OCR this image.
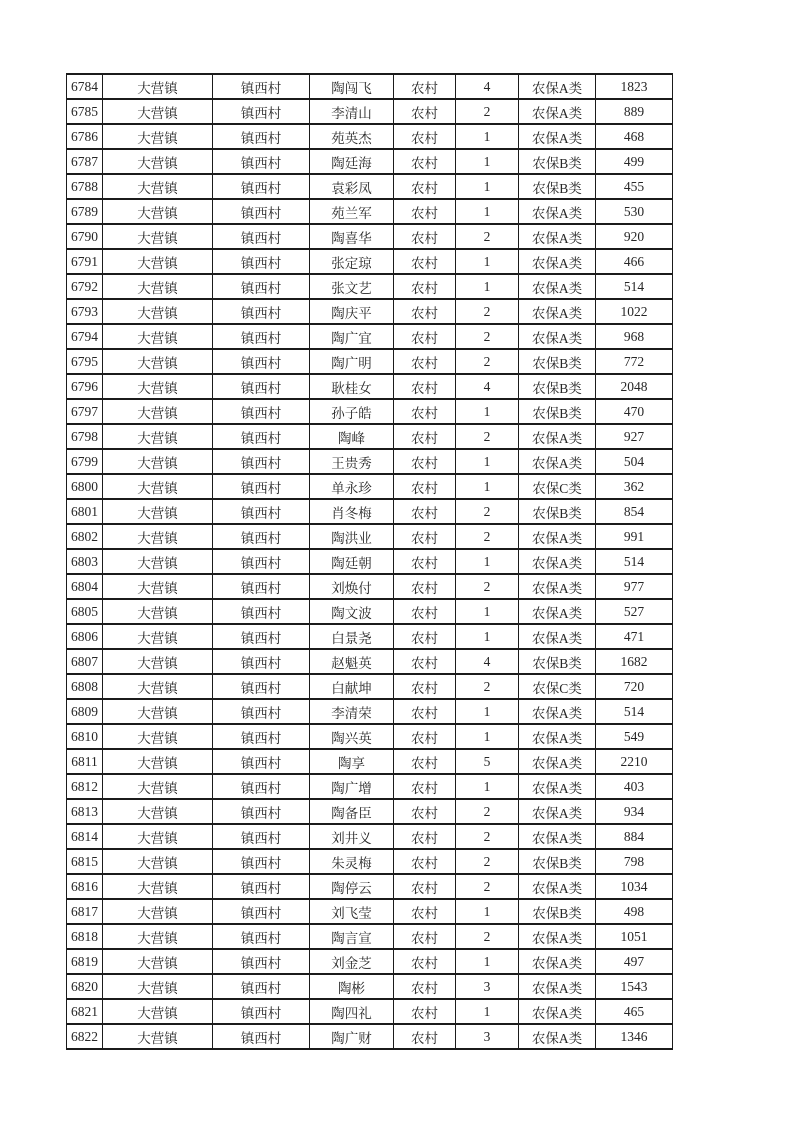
6784	大营镇	镇西村	陶闯飞	农村	4	农保A类	1823
6785	大营镇	镇西村	李清山	农村	2	农保A类	889
6786	大营镇	镇西村	苑英杰	农村	1	农保A类	468
6787	大营镇	镇西村	陶廷海	农村	1	农保B类	499
6788	大营镇	镇西村	袁彩凤	农村	1	农保B类	455
6789	大营镇	镇西村	苑兰军	农村	1	农保A类	530
6790	大营镇	镇西村	陶喜华	农村	2	农保A类	920
6791	大营镇	镇西村	张定琼	农村	1	农保A类	466
6792	大营镇	镇西村	张文艺	农村	1	农保A类	514
6793	大营镇	镇西村	陶庆平	农村	2	农保A类	1022
6794	大营镇	镇西村	陶广宜	农村	2	农保A类	968
6795	大营镇	镇西村	陶广明	农村	2	农保B类	772
6796	大营镇	镇西村	耿桂女	农村	4	农保B类	2048
6797	大营镇	镇西村	孙子皓	农村	1	农保B类	470
6798	大营镇	镇西村	陶峰	农村	2	农保A类	927
6799	大营镇	镇西村	王贵秀	农村	1	农保A类	504
6800	大营镇	镇西村	单永珍	农村	1	农保C类	362
6801	大营镇	镇西村	肖冬梅	农村	2	农保B类	854
6802	大营镇	镇西村	陶洪业	农村	2	农保A类	991
6803	大营镇	镇西村	陶廷朝	农村	1	农保A类	514
6804	大营镇	镇西村	刘焕付	农村	2	农保A类	977
6805	大营镇	镇西村	陶文波	农村	1	农保A类	527
6806	大营镇	镇西村	白景尧	农村	1	农保A类	471
6807	大营镇	镇西村	赵魁英	农村	4	农保B类	1682
6808	大营镇	镇西村	白献坤	农村	2	农保C类	720
6809	大营镇	镇西村	李清荣	农村	1	农保A类	514
6810	大营镇	镇西村	陶兴英	农村	1	农保A类	549
6811	大营镇	镇西村	陶享	农村	5	农保A类	2210
6812	大营镇	镇西村	陶广增	农村	1	农保A类	403
6813	大营镇	镇西村	陶备臣	农村	2	农保A类	934
6814	大营镇	镇西村	刘井义	农村	2	农保A类	884
6815	大营镇	镇西村	朱灵梅	农村	2	农保B类	798
6816	大营镇	镇西村	陶停云	农村	2	农保A类	1034
6817	大营镇	镇西村	刘飞莹	农村	1	农保B类	498
6818	大营镇	镇西村	陶言宣	农村	2	农保A类	1051
6819	大营镇	镇西村	刘金芝	农村	1	农保A类	497
6820	大营镇	镇西村	陶彬	农村	3	农保A类	1543
6821	大营镇	镇西村	陶四礼	农村	1	农保A类	465
6822	大营镇	镇西村	陶广财	农村	3	农保A类	1346
